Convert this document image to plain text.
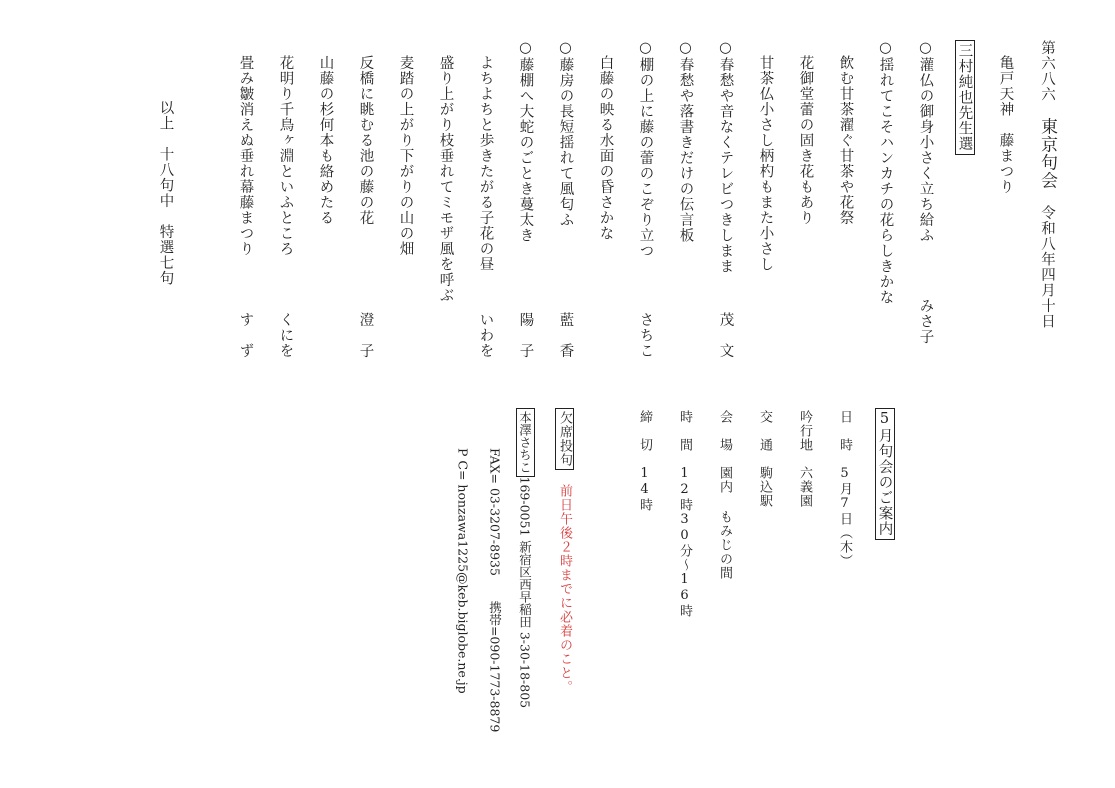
第六八六　東京句会　令和八年四月十日
亀戸天神　藤まつり
三村純也先生選
○灌仏の御身小さく立ち給ふ
みさ子
○揺れてこそハンカチの花らしきかな
飲む甘茶濯ぐ甘茶や花祭
花御堂蕾の固き花もあり
甘茶仏小さし柄杓もまた小さし
○春愁や音なくテレビつきしまま
茂　文
○春愁や落書きだけの伝言板
○棚の上に藤の蕾のこぞり立つ
さちこ
白藤の映る水面の昏さかな
○藤房の長短揺れて風匂ふ
藍　香
○藤棚へ大蛇のごとき蔓太き
陽　子
よちよちと歩きたがる子花の昼
いわを
盛り上がり枝垂れてミモザ風を呼ぶ
麦踏の上がり下がりの山の畑
反橋に眺むる池の藤の花
澄　子
山藤の杉何本も絡めたる
花明り千鳥ヶ淵といふところ
くにを
畳み皺消えぬ垂れ幕藤まつり
す　ず
以上　十八句中　特選七句
5月句会のご案内
日　時　5月7日（木）
吟行地　六義園
交　通　駒込駅
会　場　園内 もみじの間
時　間　12時30分〜16時
締　切　14時
欠席投句　前日午後２時までに必着のこと。
本澤さちこ169-0051 新宿区西早稲田 3-30-18-805
FAX= 03-3207-8935　　携帯=090-1773-8879
P C= honzawa1225@keb.biglobe.ne.jp
